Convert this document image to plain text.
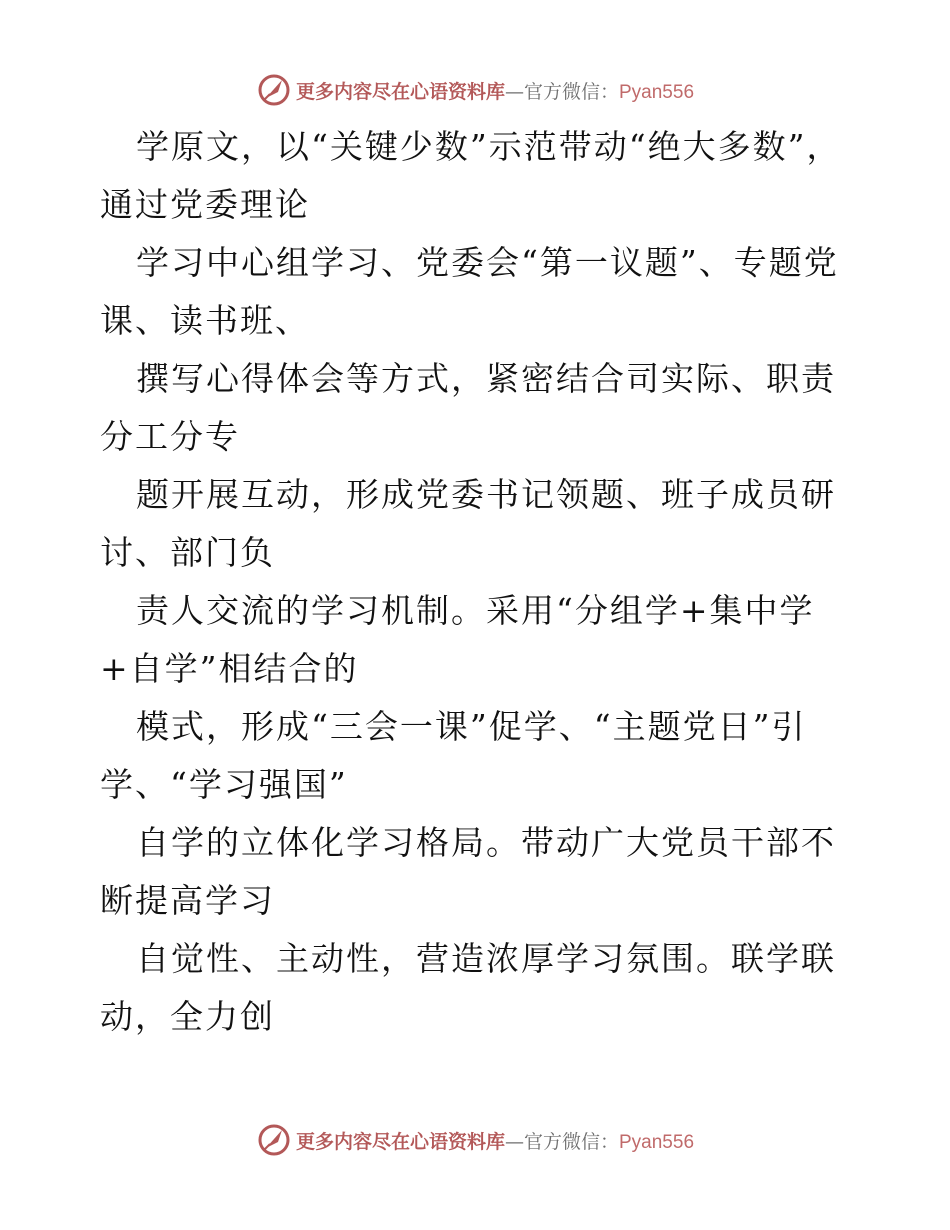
更多内容尽在心语资料库—官方微信：Pyan556

学原文，以“关键少数”示范带动“绝大多数”，通过党委理论

学习中心组学习、党委会“第一议题”、专题党课、读书班、

撰写心得体会等方式，紧密结合司实际、职责分工分专

题开展互动，形成党委书记领题、班子成员研讨、部门负

责人交流的学习机制。采用“分组学+集中学+自学”相结合的

模式，形成“三会一课”促学、“主题党日”引学、“学习强国”

自学的立体化学习格局。带动广大党员干部不断提高学习

自觉性、主动性，营造浓厚学习氛围。联学联动，全力创

更多内容尽在心语资料库—官方微信：Pyan556
